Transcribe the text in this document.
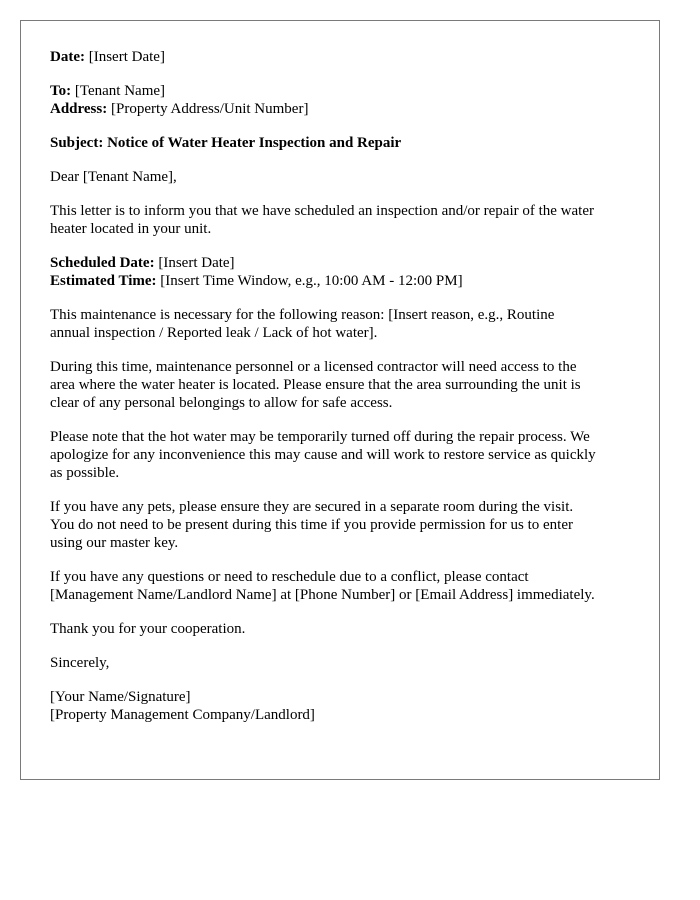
Date: [Insert Date]
To: [Tenant Name]
Address: [Property Address/Unit Number]
Subject: Notice of Water Heater Inspection and Repair
Dear [Tenant Name],
This letter is to inform you that we have scheduled an inspection and/or repair of the water
heater located in your unit.
Scheduled Date: [Insert Date]
Estimated Time: [Insert Time Window, e.g., 10:00 AM - 12:00 PM]
This maintenance is necessary for the following reason: [Insert reason, e.g., Routine
annual inspection / Reported leak / Lack of hot water].
During this time, maintenance personnel or a licensed contractor will need access to the
area where the water heater is located. Please ensure that the area surrounding the unit is
clear of any personal belongings to allow for safe access.
Please note that the hot water may be temporarily turned off during the repair process. We
apologize for any inconvenience this may cause and will work to restore service as quickly
as possible.
If you have any pets, please ensure they are secured in a separate room during the visit.
You do not need to be present during this time if you provide permission for us to enter
using our master key.
If you have any questions or need to reschedule due to a conflict, please contact
[Management Name/Landlord Name] at [Phone Number] or [Email Address] immediately.
Thank you for your cooperation.
Sincerely,
[Your Name/Signature]
[Property Management Company/Landlord]
